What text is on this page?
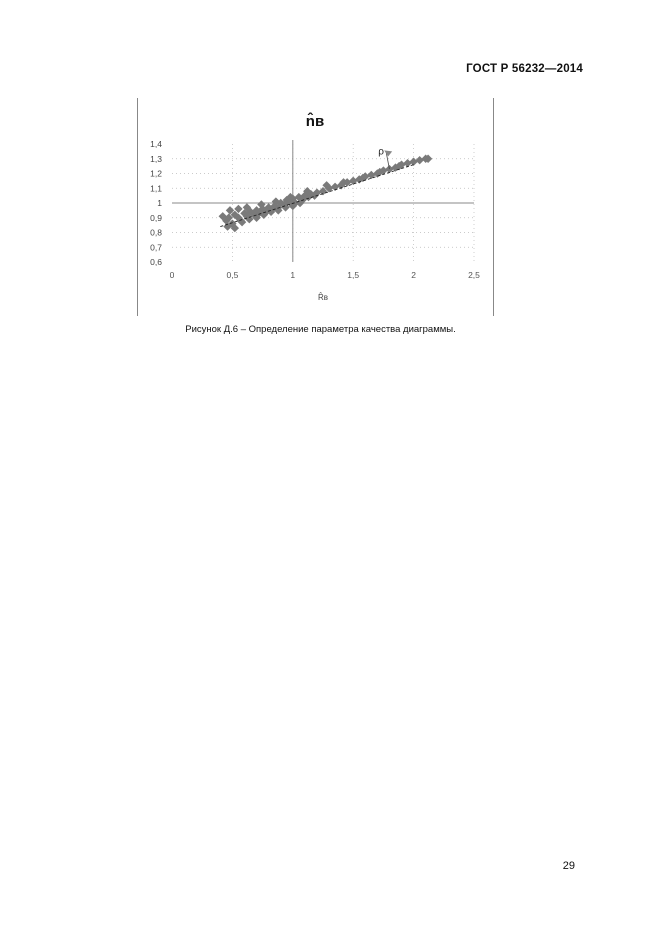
ГОСТ Р 56232—2014
0	0,5	1	1,5	2	2,5
0,6
0,7
0,8
0,9
1
1,1
1,2
1,3
1,4
ρ
n̂в
R̂в
Рисунок Д.6 – Определение параметра качества диаграммы.
29
